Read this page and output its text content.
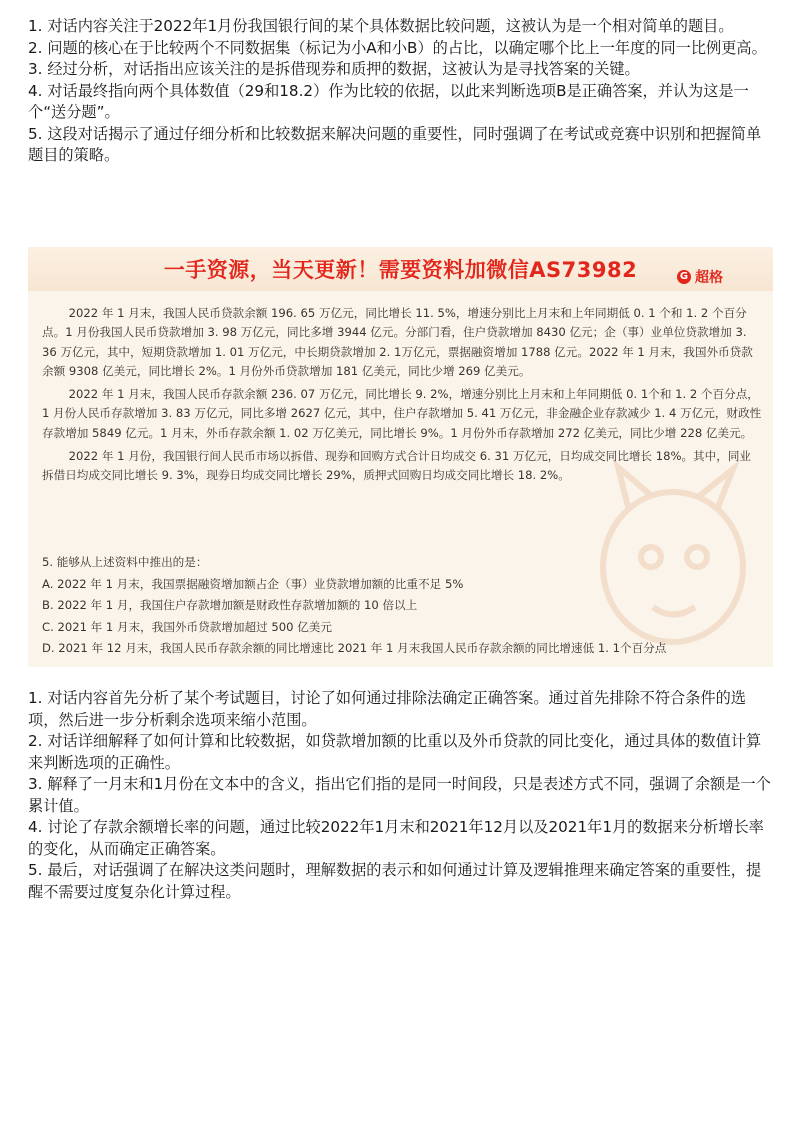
1. 对话内容关注于2022年1月份我国银行间的某个具体数据比较问题，这被认为是一个相对简单的题目。

2. 问题的核心在于比较两个不同数据集（标记为小A和小B）的占比，以确定哪个比上一年度的同一比例更高。

3. 经过分析，对话指出应该关注的是拆借现券和质押的数据，这被认为是寻找答案的关键。

4. 对话最终指向两个具体数值（29和18.2）作为比较的依据，以此来判断选项B是正确答案，并认为这是一个“送分题”。

5. 这段对话揭示了通过仔细分析和比较数据来解决问题的重要性，同时强调了在考试或竞赛中识别和把握简单题目的策略。

一手资源，当天更新！需要资料加微信AS73982	G 超格

2022 年 1 月末，我国人民币贷款余额 196. 65 万亿元，同比增长 11. 5%，增速分别比上月末和上年同期低 0. 1 个和 1. 2 个百分点。1 月份我国人民币贷款增加 3. 98 万亿元，同比多增 3944 亿元。分部门看，住户贷款增加 8430 亿元；企（事）业单位贷款增加 3. 36 万亿元，其中，短期贷款增加 1. 01 万亿元，中长期贷款增加 2. 1万亿元，票据融资增加 1788 亿元。2022 年 1 月末，我国外币贷款余额 9308 亿美元，同比增长 2%。1 月份外币贷款增加 181 亿美元，同比少增 269 亿美元。

2022 年 1 月末，我国人民币存款余额 236. 07 万亿元，同比增长 9. 2%，增速分别比上月末和上年同期低 0. 1个和 1. 2 个百分点，1 月份人民币存款增加 3. 83 万亿元，同比多增 2627 亿元，其中，住户存款增加 5. 41 万亿元，非金融企业存款减少 1. 4 万亿元，财政性存款增加 5849 亿元。1 月末，外币存款余额 1. 02 万亿美元，同比增长 9%。1 月份外币存款增加 272 亿美元，同比少增 228 亿美元。

2022 年 1 月份，我国银行间人民币市场以拆借、现券和回购方式合计日均成交 6. 31 万亿元，日均成交同比增长 18%。其中，同业拆借日均成交同比增长 9. 3%，现券日均成交同比增长 29%，质押式回购日均成交同比增长 18. 2%。

5. 能够从上述资料中推出的是：
A. 2022 年 1 月末，我国票据融资增加额占企（事）业贷款增加额的比重不足 5%
B. 2022 年 1 月，我国住户存款增加额是财政性存款增加额的 10 倍以上
C. 2021 年 1 月末，我国外币贷款增加超过 500 亿美元
D. 2021 年 12 月末，我国人民币存款余额的同比增速比 2021 年 1 月末我国人民币存款余额的同比增速低 1. 1个百分点

1. 对话内容首先分析了某个考试题目，讨论了如何通过排除法确定正确答案。通过首先排除不符合条件的选项，然后进一步分析剩余选项来缩小范围。

2. 对话详细解释了如何计算和比较数据，如贷款增加额的比重以及外币贷款的同比变化，通过具体的数值计算来判断选项的正确性。

3. 解释了一月末和1月份在文本中的含义，指出它们指的是同一时间段，只是表述方式不同，强调了余额是一个累计值。

4. 讨论了存款余额增长率的问题，通过比较2022年1月末和2021年12月以及2021年1月的数据来分析增长率的变化，从而确定正确答案。

5. 最后，对话强调了在解决这类问题时，理解数据的表示和如何通过计算及逻辑推理来确定答案的重要性，提醒不需要过度复杂化计算过程。
